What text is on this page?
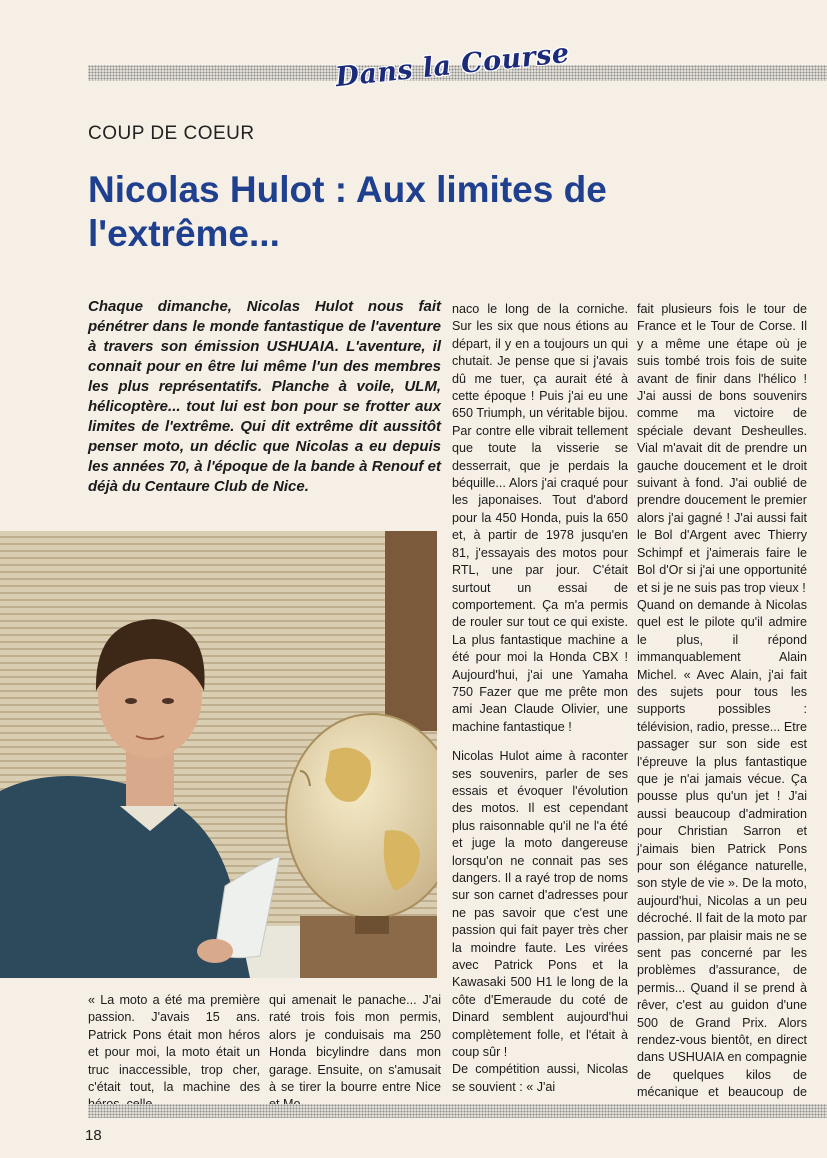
Dans la Course
COUP DE COEUR
Nicolas Hulot : Aux limites de l'extrême...

Chaque dimanche, Nicolas Hulot nous fait pénétrer dans le monde fantastique de l'aventure à travers son émission USHUAIA. L'aventure, il connait pour en être lui même l'un des membres les plus représentatifs. Planche à voile, ULM, hélicoptère... tout lui est bon pour se frotter aux limites de l'extrême. Qui dit extrême dit aussitôt penser moto, un déclic que Nicolas a eu depuis les années 70, à l'époque de la bande à Renouf et déjà du Centaure Club de Nice.

naco le long de la corniche. Sur les six que nous étions au départ, il y en a toujours un qui chutait. Je pense que si j'avais dû me tuer, ça aurait été à cette époque ! Puis j'ai eu une 650 Triumph, un véritable bijou. Par contre elle vibrait tellement que toute la visserie se desserrait, que je perdais la béquille... Alors j'ai craqué pour les japonaises. Tout d'abord pour la 450 Honda, puis la 650 et, à partir de 1978 jusqu'en 81, j'essayais des motos pour RTL, une par jour. C'était surtout un essai de comportement. Ça m'a permis de rouler sur tout ce qui existe. La plus fantastique machine a été pour moi la Honda CBX ! Aujourd'hui, j'ai une Yamaha 750 Fazer que me prête mon ami Jean Claude Olivier, une machine fantastique !

Nicolas Hulot aime à raconter ses souvenirs, parler de ses essais et évoquer l'évolution des motos. Il est cependant plus raisonnable qu'il ne l'a été et juge la moto dangereuse lorsqu'on ne connait pas ses dangers. Il a rayé trop de noms sur son carnet d'adresses pour ne pas savoir que c'est une passion qui fait payer très cher la moindre faute. Les virées avec Patrick Pons et la Kawasaki 500 H1 le long de la côte d'Emeraude du coté de Dinard semblent aujourd'hui complètement folle, et l'était à coup sûr !

De compétition aussi, Nicolas se souvient : « J'ai

fait plusieurs fois le tour de France et le Tour de Corse. Il y a même une étape où je suis tombé trois fois de suite avant de finir dans l'hélico ! J'ai aussi de bons souvenirs comme ma victoire de spéciale devant Desheulles. Vial m'avait dit de prendre un gauche doucement et le droit suivant à fond. J'ai oublié de prendre doucement le premier alors j'ai gagné ! J'ai aussi fait le Bol d'Argent avec Thierry Schimpf et j'aimerais faire le Bol d'Or si j'ai une opportunité et si je ne suis pas trop vieux !

Quand on demande à Nicolas quel est le pilote qu'il admire le plus, il répond immanquablement Alain Michel. « Avec Alain, j'ai fait des sujets pour tous les supports possibles : télévision, radio, presse... Etre passager sur son side est l'épreuve la plus fantastique que je n'ai jamais vécue. Ça pousse plus qu'un jet ! J'ai aussi beaucoup d'admiration pour Christian Sarron et j'aimais bien Patrick Pons pour son élégance naturelle, son style de vie ». De la moto, aujourd'hui, Nicolas a un peu décroché. Il fait de la moto par passion, par plaisir mais ne se sent pas concerné par les problèmes d'assurance, de permis... Quand il se prend à rêver, c'est au guidon d'une 500 de Grand Prix. Alors rendez-vous bientôt, en direct dans USHUAIA en compagnie de quelques kilos de mécanique et beaucoup de

« La moto a été ma première passion. J'avais 15 ans. Patrick Pons était mon héros et pour moi, la moto était un truc inaccessible, trop cher, c'était tout, la machine des

qui amenait le panache... J'ai raté trois fois mon permis, alors je conduisais ma 250 Honda bicylindre dans mon garage. Ensuite, on s'amusait à se tirer la bourre entre Nice

18
